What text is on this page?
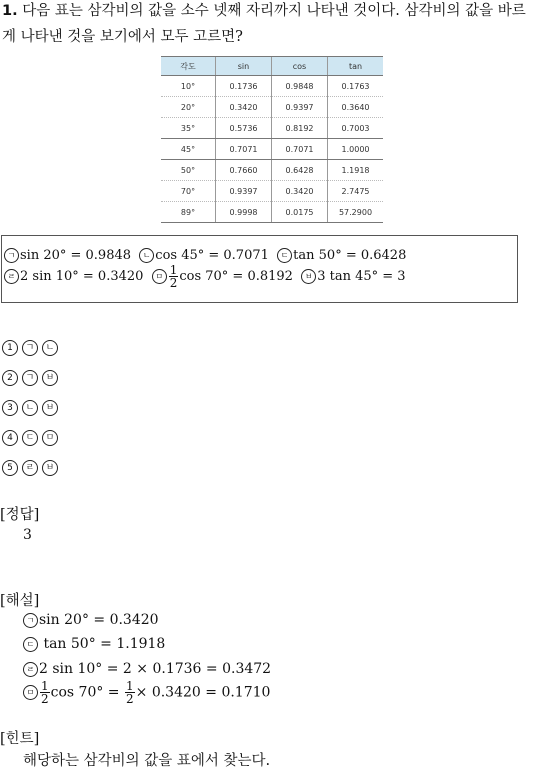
1. 다음 표는 삼각비의 값을 소수 넷째 자리까지 나타낸 것이다. 삼각비의 값을 바르게 나타낸 것을 보기에서 모두 고르면?
각도	sin	cos	tan
10°	0.1736	0.9848	0.1763
20°	0.3420	0.9397	0.3640
35°	0.5736	0.8192	0.7003
45°	0.7071	0.7071	1.0000
50°	0.7660	0.6428	1.1918
70°	0.9397	0.3420	2.7475
89°	0.9998	0.0175	57.2900
ㄱ sin 20° = 0.9848 ㄴ cos 45° = 0.7071 ㄷ tan 50° = 0.6428
ㄹ 2 sin 10° = 0.3420 ㅁ $\frac{1}{2}$ cos 70° = 0.8192 ㅂ 3 tan 45° = 3
1 ㄱ ㄴ
2 ㄱ ㅂ
3 ㄴ ㅂ
4 ㄷ ㅁ
5 ㄹ ㅂ
[정답]
3
[해설]
ㄱ sin 20° = 0.3420
ㄷ tan 50° = 1.1918
ㄹ 2 sin 10° = 2 × 0.1736 = 0.3472
ㅁ $\frac{1}{2}$ $\cos 70^\circ = \frac{1}{2} \times 0.3420 = 0.1710$
[힌트]
해당하는 삼각비의 값을 표에서 찾는다.
